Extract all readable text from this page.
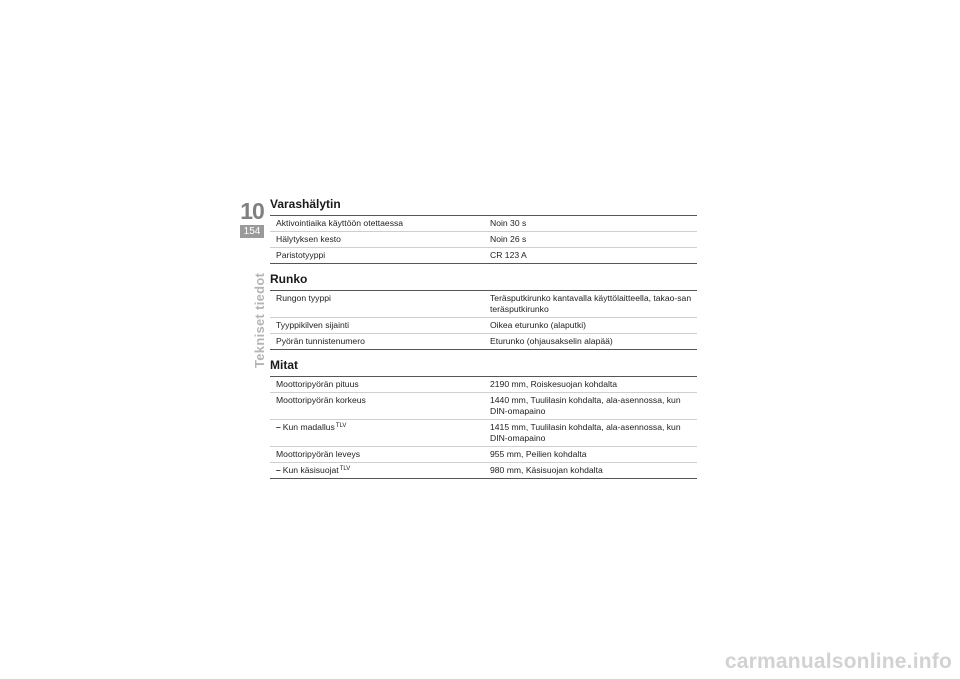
10
154
Tekniset tiedot
Varashälytin
Aktivointiaika käyttöön otettaessa	Noin 30 s
Hälytyksen kesto	Noin 26 s
Paristotyyppi	CR 123 A
Runko
Rungon tyyppi	Teräsputkirunko kantavalla käyttölaitteella, takao-san teräsputkirunko
Tyyppikilven sijainti	Oikea eturunko (alaputki)
Pyörän tunnistenumero	Eturunko (ohjausakselin alapää)
Mitat
Moottoripyörän pituus	2190 mm, Roiskesuojan kohdalta
Moottoripyörän korkeus	1440 mm, Tuulilasin kohdalta, ala-asennossa, kun DIN-omapaino
– Kun madallus$^{TLV}$	1415 mm, Tuulilasin kohdalta, ala-asennossa, kun DIN-omapaino
Moottoripyörän leveys	955 mm, Peilien kohdalta
– Kun käsisuojat$^{TLV}$	980 mm, Käsisuojan kohdalta
carmanualsonline.info
